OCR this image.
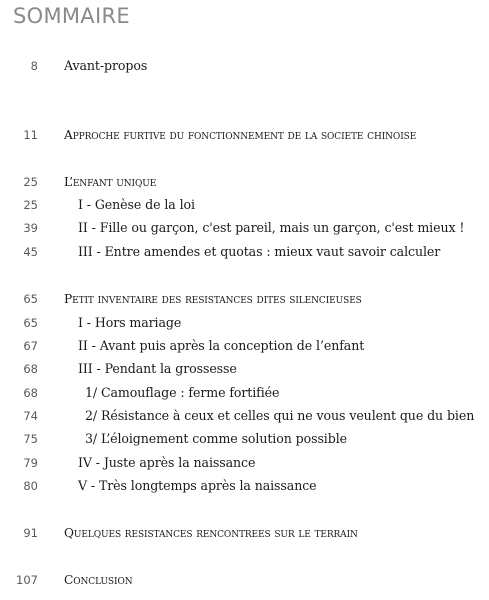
SOMMAIRE
8 Avant-propos
11 Approche furtive du fonctionnement de la societe chinoise
25 L’enfant unique
25	I - Genèse de la loi
39	II - Fille ou garçon, c'est pareil, mais un garçon, c'est mieux !
45	III - Entre amendes et quotas : mieux vaut savoir calculer
65 Petit inventaire des resistances dites silencieuses
65	I - Hors mariage
67	II - Avant puis après la conception de l’enfant
68	III - Pendant la grossesse
68	1/ Camouflage : ferme fortifiée
74	2/ Résistance à ceux et celles qui ne vous veulent que du bien
75	3/ L’éloignement comme solution possible
79	IV - Juste après la naissance
80	V - Très longtemps après la naissance
91 Quelques resistances rencontrees sur le terrain
107 Conclusion
